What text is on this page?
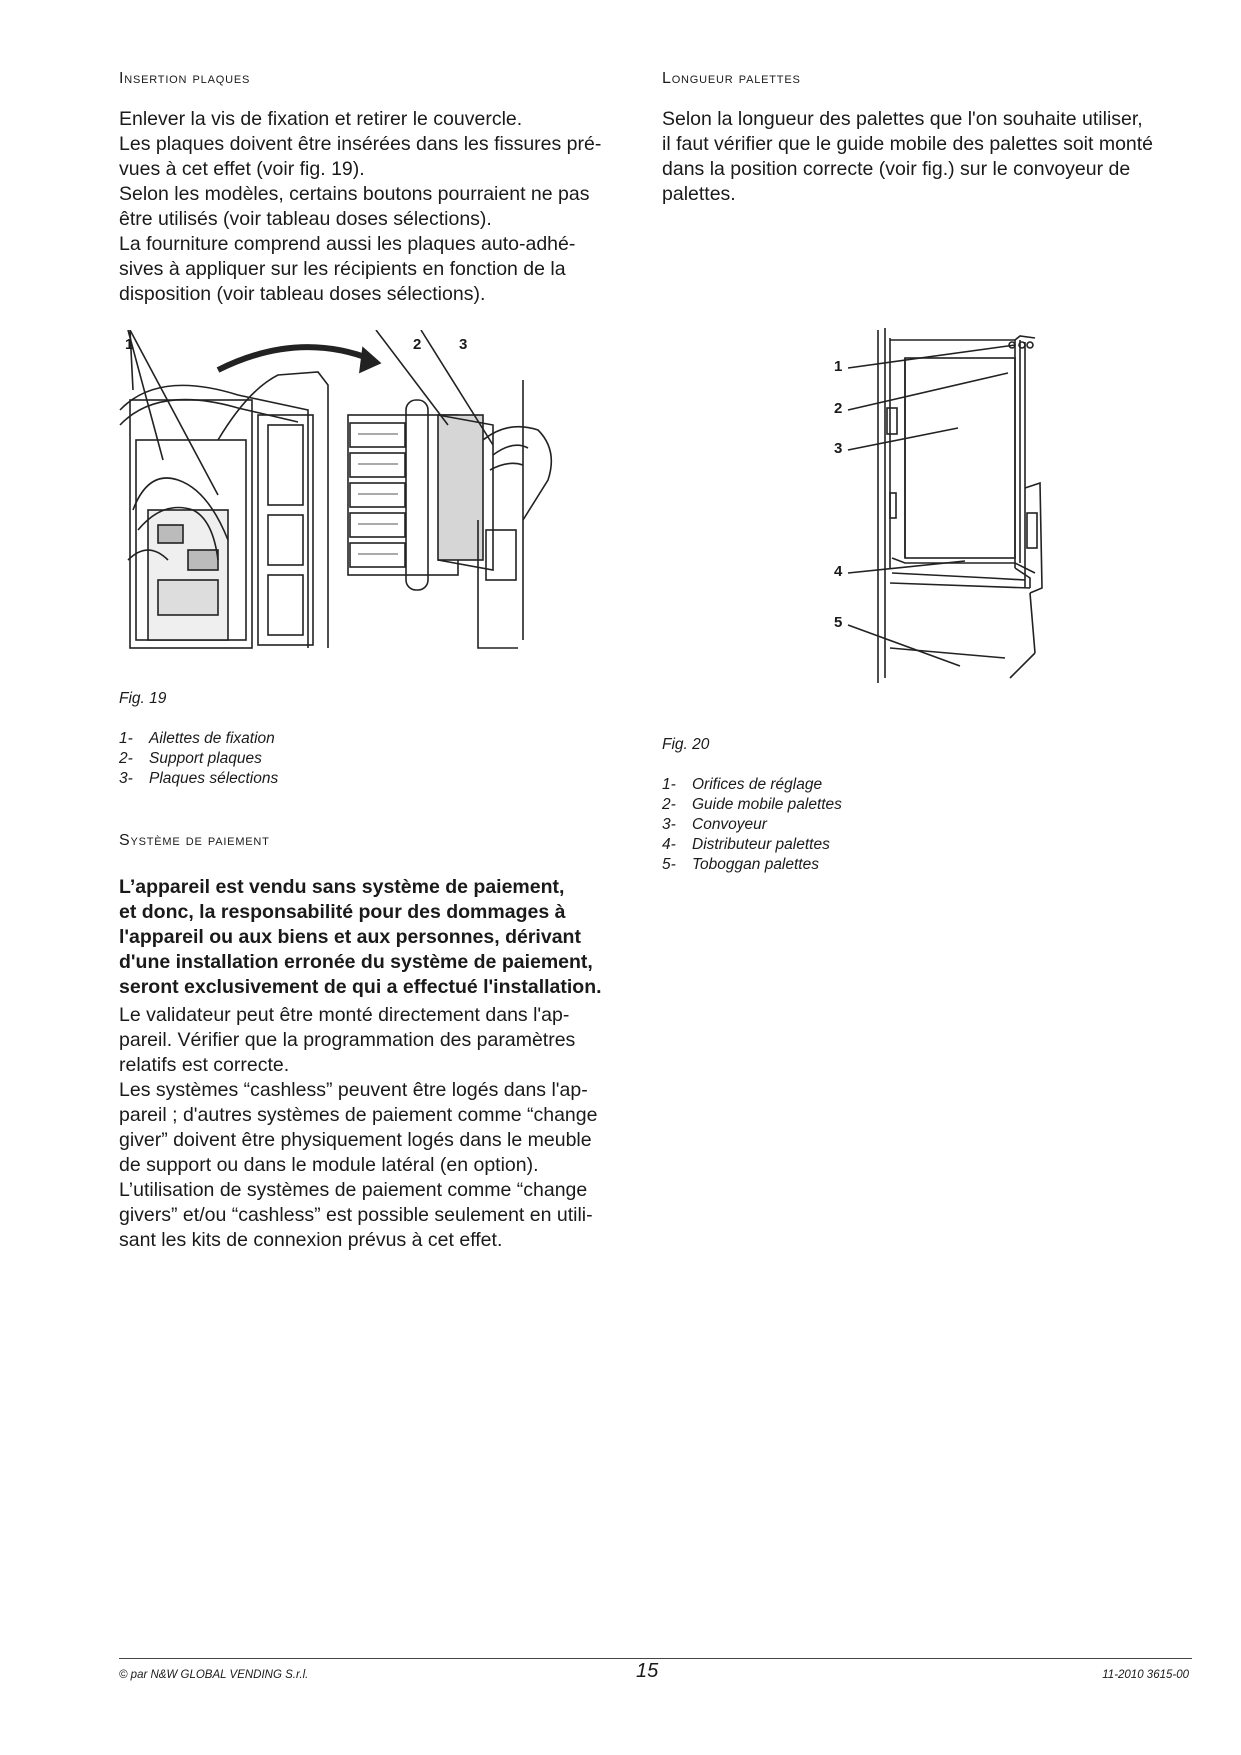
Insertion plaques
Enlever la vis de fixation et retirer le couvercle.
Les plaques doivent être insérées dans les fissures pré-
vues à cet effet (voir fig. 19).
Selon les modèles, certains boutons pourraient ne pas
être utilisés (voir tableau doses sélections).
La fourniture comprend aussi les plaques auto-adhé-
sives à appliquer sur les récipients en fonction de la
disposition (voir tableau doses sélections).
1	2	3
Fig. 19
1-	Ailettes de fixation
2-	Support plaques
3-	Plaques sélections
Système de paiement
L’appareil est vendu sans système de paiement,
et donc, la responsabilité pour des dommages à
l'appareil ou aux biens et aux personnes, dérivant
d'une installation erronée du système de paiement,
seront exclusivement de qui a effectué l'installation.
Le validateur peut être monté directement dans l'ap-
pareil. Vérifier que la programmation des paramètres
relatifs est correcte.
Les systèmes “cashless” peuvent être logés dans l'ap-
pareil ; d'autres systèmes de paiement comme “change
giver” doivent être physiquement logés dans le meuble
de support ou dans le module latéral (en option).
L’utilisation de systèmes de paiement comme “change
givers” et/ou “cashless” est possible seulement en utili-
sant les kits de connexion prévus à cet effet.
Longueur palettes
Selon la longueur des palettes que l'on souhaite utiliser,
il faut vérifier que le guide mobile des palettes soit monté
dans la position correcte (voir fig.) sur le convoyeur de
palettes.
1
2
3
4
5
Fig. 20
1-	Orifices de réglage
2-	Guide mobile palettes
3-	Convoyeur
4-	Distributeur palettes
5-	Toboggan palettes
© par N&W GLOBAL VENDING S.r.l.	15	11-2010 3615-00
